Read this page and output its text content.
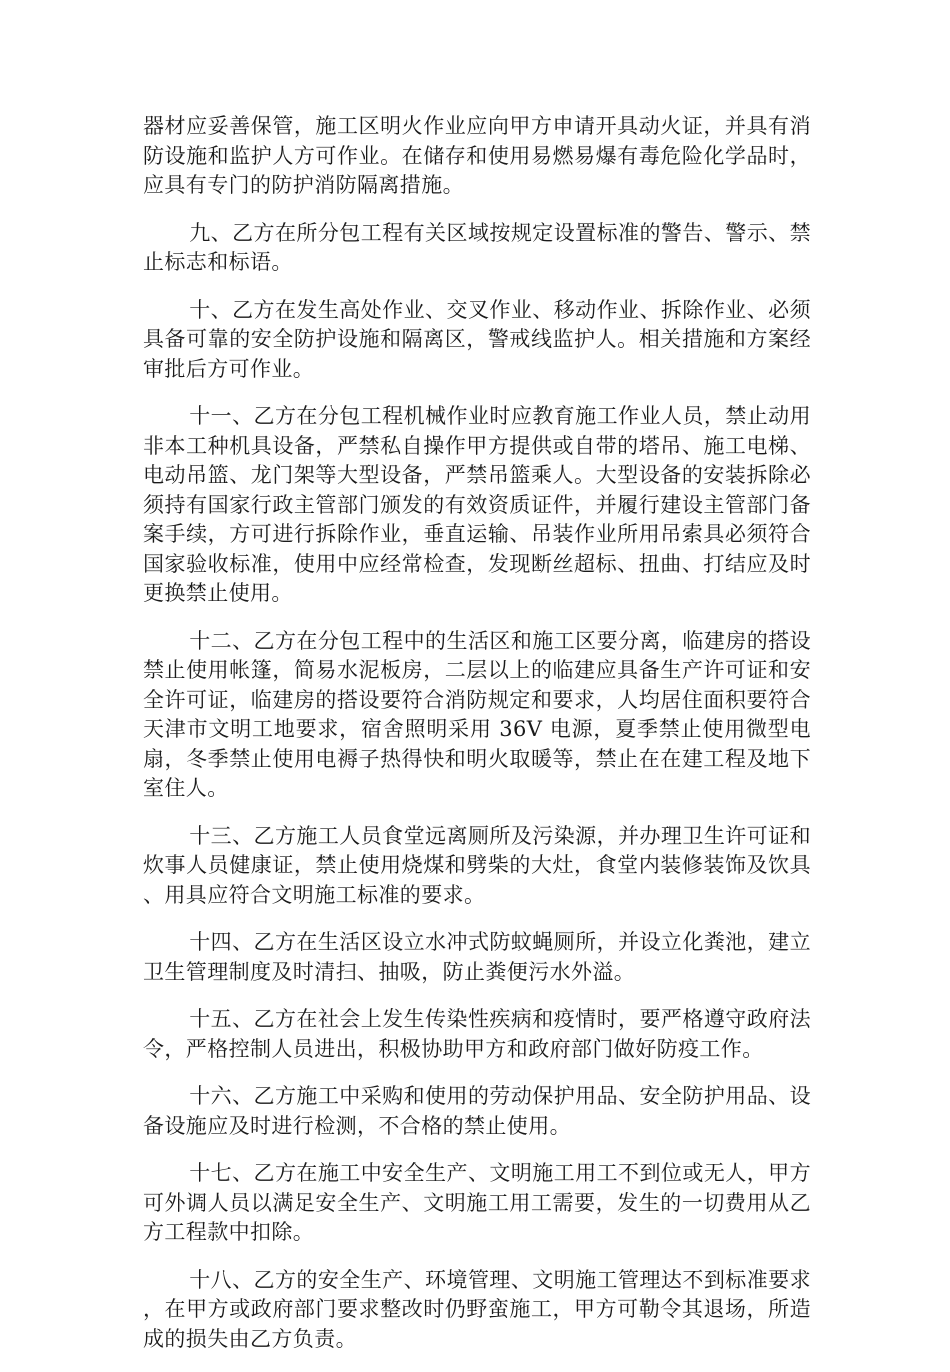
器材应妥善保管，施工区明火作业应向甲方申请开具动火证，并具有消防设施和监护人方可作业。在储存和使用易燃易爆有毒危险化学品时，应具有专门的防护消防隔离措施。

九、乙方在所分包工程有关区域按规定设置标准的警告、警示、禁止标志和标语。

十、乙方在发生高处作业、交叉作业、移动作业、拆除作业、必须具备可靠的安全防护设施和隔离区，警戒线监护人。相关措施和方案经审批后方可作业。

十一、乙方在分包工程机械作业时应教育施工作业人员，禁止动用非本工种机具设备，严禁私自操作甲方提供或自带的塔吊、施工电梯、电动吊篮、龙门架等大型设备，严禁吊篮乘人。大型设备的安装拆除必须持有国家行政主管部门颁发的有效资质证件，并履行建设主管部门备案手续，方可进行拆除作业，垂直运输、吊装作业所用吊索具必须符合国家验收标准，使用中应经常检查，发现断丝超标、扭曲、打结应及时更换禁止使用。

十二、乙方在分包工程中的生活区和施工区要分离，临建房的搭设禁止使用帐篷，简易水泥板房，二层以上的临建应具备生产许可证和安全许可证，临建房的搭设要符合消防规定和要求，人均居住面积要符合天津市文明工地要求，宿舍照明采用 36V 电源，夏季禁止使用微型电扇，冬季禁止使用电褥子热得快和明火取暖等，禁止在在建工程及地下室住人。

十三、乙方施工人员食堂远离厕所及污染源，并办理卫生许可证和炊事人员健康证，禁止使用烧煤和劈柴的大灶，食堂内装修装饰及饮具、用具应符合文明施工标准的要求。

十四、乙方在生活区设立水冲式防蚊蝇厕所，并设立化粪池，建立卫生管理制度及时清扫、抽吸，防止粪便污水外溢。

十五、乙方在社会上发生传染性疾病和疫情时，要严格遵守政府法令，严格控制人员进出，积极协助甲方和政府部门做好防疫工作。

十六、乙方施工中采购和使用的劳动保护用品、安全防护用品、设备设施应及时进行检测，不合格的禁止使用。

十七、乙方在施工中安全生产、文明施工用工不到位或无人，甲方可外调人员以满足安全生产、文明施工用工需要，发生的一切费用从乙方工程款中扣除。

十八、乙方的安全生产、环境管理、文明施工管理达不到标准要求，在甲方或政府部门要求整改时仍野蛮施工，甲方可勒令其退场，所造成的损失由乙方负责。
